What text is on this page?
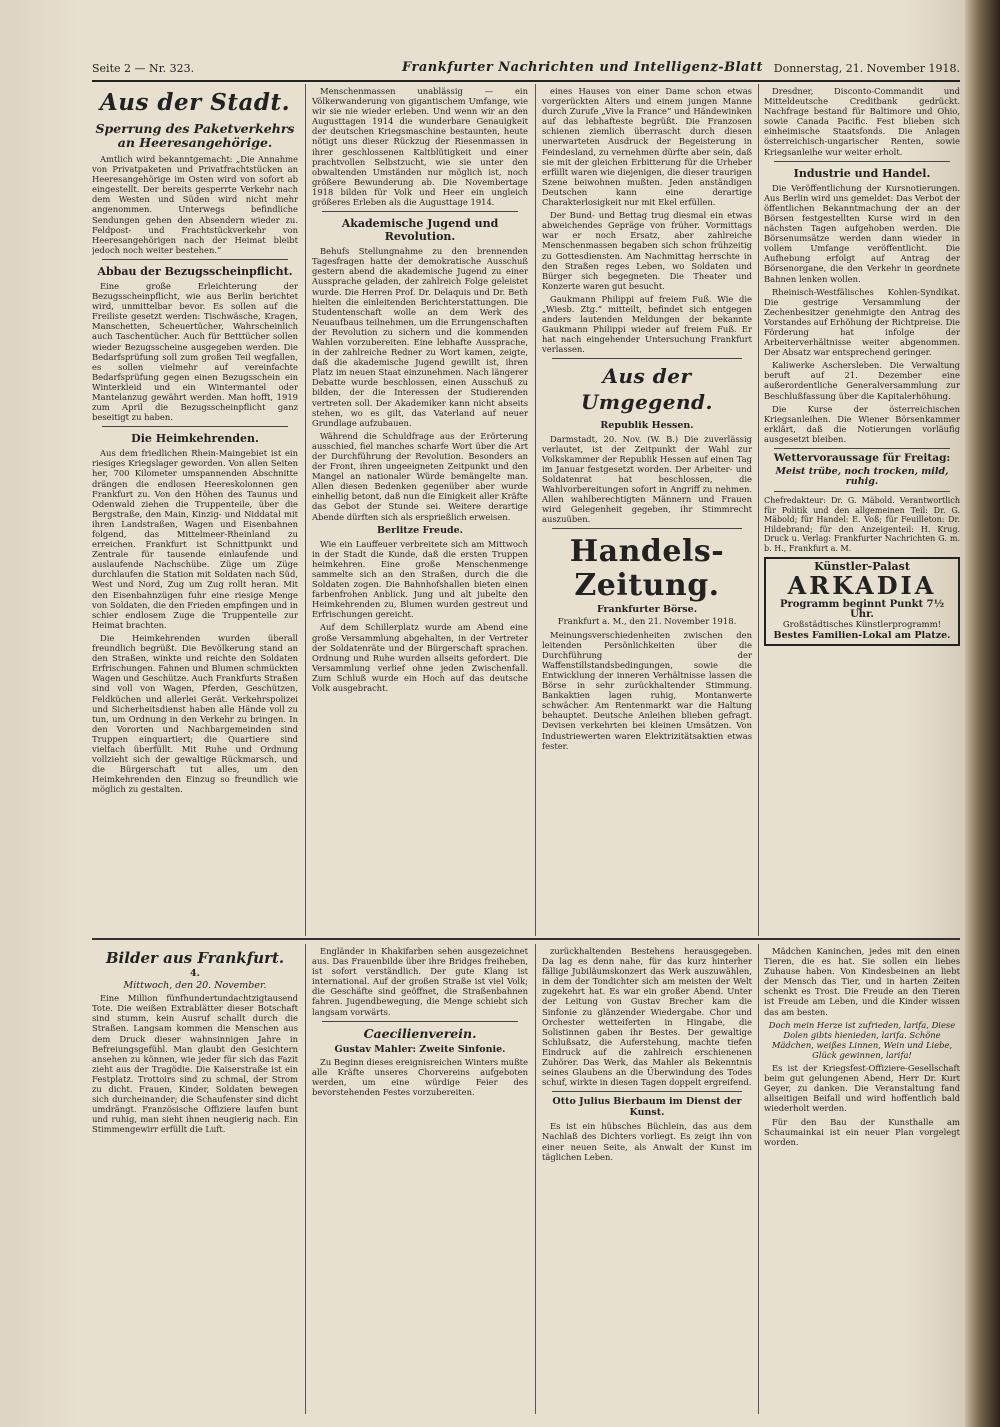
Seite 2 — Nr. 323.	Frankfurter Nachrichten und Intelligenz-Blatt Donnerstag, 21. November 1918.
Aus der Stadt.
Sperrung des Paketverkehrs an Heeresangehörige.

Amtlich wird bekanntgemacht: „Die Annahme von Privatpaketen und Privatfrachtstücken an Heeresangehörige im Osten wird von sofort ab eingestellt. Der bereits gesperrte Verkehr nach dem Westen und Süden wird nicht mehr angenommen. Unterwegs befindliche Sendungen gehen den Absendern wieder zu. Feldpost- und Frachtstückverkehr von Heeresangehörigen nach der Heimat bleibt jedoch noch weiter bestehen.“

Abbau der Bezugsscheinpflicht.

Eine große Erleichterung der Bezugsscheinpflicht, wie aus Berlin berichtet wird, unmittelbar bevor. Es sollen auf die Freiliste gesetzt werden: Tischwäsche, Kragen, Manschetten, Scheuertücher, Wahrscheinlich auch Taschentücher. Auch für Betttücher sollen wieder Bezugsscheine ausgegeben werden. Die Bedarfsprüfung soll zum großen Teil wegfallen, es sollen vielmehr auf vereinfachte Bedarfsprüfung gegen einen Bezugsschein ein Winterkleid und ein Wintermantel oder Mantelanzug gewährt werden. Man hofft, 1919 zum April die Bezugsscheinpflicht ganz beseitigt zu haben.

Die Heimkehrenden.

Aus dem friedlichen Rhein-Maingebiet ist ein riesiges Kriegslager geworden. Von allen Seiten her, 700 Kilometer umspannenden Abschnitte drängen die endlosen Heereskolonnen gen Frankfurt zu. Von den Höhen des Taunus und Odenwald ziehen die Truppenteile, über die Bergstraße, den Main, Kinzig- und Niddatal mit ihren Landstraßen, Wagen und Eisenbahnen folgend, das Mittelmeer-Rheinland zu erreichen. Frankfurt ist Schnittpunkt und Zentrale für tausende einlaufende und auslaufende Nachschübe. Züge um Züge durchlaufen die Station mit Soldaten nach Süd, West und Nord, Zug um Zug rollt heran. Mit den Eisenbahnzügen fuhr eine riesige Menge von Soldaten, die den Frieden empfingen und in schier endlosem Zuge die Truppenteile zur Heimat brachten.

Die Heimkehrenden wurden überall freundlich begrüßt. Die Bevölkerung stand an den Straßen, winkte und reichte den Soldaten Erfrischungen. Fahnen und Blumen schmückten Wagen und Geschütze. Auch Frankfurts Straßen sind voll von Wagen, Pferden, Geschützen, Feldküchen und allerlei Gerät. Verkehrspolizei und Sicherheitsdienst haben alle Hände voll zu tun, um Ordnung in den Verkehr zu bringen. In den Vororten und Nachbargemeinden sind Truppen einquartiert; die Quartiere sind vielfach überfüllt. Mit Ruhe und Ordnung vollzieht sich der gewaltige Rückmarsch, und die Bürgerschaft tut alles, um den Heimkehrenden den Einzug so freundlich wie möglich zu gestalten.

Menschenmassen unablässig — ein Völkerwanderung von gigantischem Umfange, wie wir sie nie wieder erleben. Und wenn wir an den Augusttagen 1914 die wunderbare Genauigkeit der deutschen Kriegsmaschine bestaunten, heute nötigt uns dieser Rückzug der Riesenmassen in ihrer geschlossenen Kaltblütigkeit und einer prachtvollen Selbstzucht, wie sie unter den obwaltenden Umständen nur möglich ist, noch größere Bewunderung ab. Die Novembertage 1918 bilden für Volk und Heer ein ungleich größeres Erleben als die Augusttage 1914.

Akademische Jugend und Revolution.

Behufs Stellungnahme zu den brennenden Tagesfragen hatte der demokratische Ausschuß gestern abend die akademische Jugend zu einer Aussprache geladen, der zahlreich Folge geleistet wurde. Die Herren Prof. Dr. Delaquis und Dr. Beth hielten die einleitenden Berichterstattungen. Die Studentenschaft wolle an dem Werk des Neuaufbaus teilnehmen, um die Errungenschaften der Revolution zu sichern und die kommenden Wahlen vorzubereiten. Eine lebhafte Aussprache, in der zahlreiche Redner zu Wort kamen, zeigte, daß die akademische Jugend gewillt ist, ihren Platz im neuen Staat einzunehmen. Nach längerer Debatte wurde beschlossen, einen Ausschuß zu bilden, der die Interessen der Studierenden vertreten soll. Der Akademiker kann nicht abseits stehen, wo es gilt, das Vaterland auf neuer Grundlage aufzubauen.

Während die Schuldfrage aus der Erörterung ausschied, fiel manches scharfe Wort über die Art der Durchführung der Revolution. Besonders an der Front, ihren ungeeigneten Zeitpunkt und den Mangel an nationaler Würde bemängelte man. Allen diesen Bedenken gegenüber aber wurde einhellig betont, daß nun die Einigkeit aller Kräfte das Gebot der Stunde sei. Weitere derartige Abende dürften sich als ersprießlich erweisen.

Berlitze Freude.

Wie ein Lauffeuer verbreitete sich am Mittwoch in der Stadt die Kunde, daß die ersten Truppen heimkehren. Eine große Menschenmenge sammelte sich an den Straßen, durch die die Soldaten zogen. Die Bahnhofshallen bieten einen farbenfrohen Anblick. Jung und alt jubelte den Heimkehrenden zu, Blumen wurden gestreut und Erfrischungen gereicht.

Auf dem Schillerplatz wurde am Abend eine große Versammlung abgehalten, in der Vertreter der Soldatenräte und der Bürgerschaft sprachen. Ordnung und Ruhe wurden allseits gefordert. Die Versammlung verlief ohne jeden Zwischenfall. Zum Schluß wurde ein Hoch auf das deutsche Volk ausgebracht.

eines Hauses von einer Dame schon etwas vorgerückten Alters und einem jungen Manne durch Zurufe „Vive la France“ und Händewinken auf das lebhafteste begrüßt. Die Franzosen schienen ziemlich überrascht durch diesen unerwarteten Ausdruck der Begeisterung in Feindesland, zu vernehmen dürfte aber sein, daß sie mit der gleichen Erbitterung für die Urheber erfüllt waren wie diejenigen, die dieser traurigen Szene beiwohnen mußten. Jeden anständigen Deutschen kann eine derartige Charakterlosigkeit nur mit Ekel erfüllen.

Der Bund- und Bettag trug diesmal ein etwas abweichendes Gepräge von früher. Vormittags war er noch Ersatz, aber zahlreiche Menschenmassen begaben sich schon frühzeitig zu Gottesdiensten. Am Nachmittag herrschte in den Straßen reges Leben, wo Soldaten und Bürger sich begegneten. Die Theater und Konzerte waren gut besucht.

Gaukmann Philippi auf freiem Fuß. Wie die „Wiesb. Ztg.“ mitteilt, befindet sich entgegen anders lautenden Meldungen der bekannte Gaukmann Philippi wieder auf freiem Fuß. Er hat nach eingehender Untersuchung Frankfurt verlassen.

Aus der Umgegend.
Republik Hessen.

Darmstadt, 20. Nov. (W. B.) Die zuverlässig verlautet, ist der Zeitpunkt der Wahl zur Volkskammer der Republik Hessen auf einen Tag im Januar festgesetzt worden. Der Arbeiter- und Soldatenrat hat beschlossen, die Wahlvorbereitungen sofort in Angriff zu nehmen. Allen wahlberechtigten Männern und Frauen wird Gelegenheit gegeben, ihr Stimmrecht auszuüben.

Handels-Zeitung.
Frankfurter Börse.
Frankfurt a. M., den 21. November 1918.

Meinungsverschiedenheiten zwischen den leitenden Persönlichkeiten über die Durchführung der Waffenstillstandsbedingungen, sowie die Entwicklung der inneren Verhältnisse lassen die Börse in sehr zurückhaltender Stimmung. Bankaktien lagen ruhig, Montanwerte schwächer. Am Rentenmarkt war die Haltung behauptet. Deutsche Anleihen blieben gefragt. Devisen verkehrten bei kleinen Umsätzen. Von Industriewerten waren Elektrizitätsaktien etwas fester.

Dresdner, Disconto-Commandit und Mitteldeutsche Creditbank gedrückt. Nachfrage bestand für Baltimore und Ohio, sowie Canada Pacific. Fest blieben sich einheimische Staatsfonds. Die Anlagen österreichisch-ungarischer Renten, sowie Kriegsanleihe wur weiter erholt.

Industrie und Handel.

Die Veröffentlichung der Kursnotierungen. Aus Berlin wird uns gemeldet: Das Verbot der öffentlichen Bekanntmachung der an der Börsen festgestellten Kurse wird in den nächsten Tagen aufgehoben werden. Die Börsenumsätze werden dann wieder in vollem Umfange veröffentlicht. Die Aufhebung erfolgt auf Antrag der Börsenorgane, die den Verkehr in geordnete Bahnen lenken wollen.

Rheinisch-Westfälisches Kohlen-Syndikat. Die gestrige Versammlung der Zechenbesitzer genehmigte den Antrag des Vorstandes auf Erhöhung der Richtpreise. Die Förderung hat infolge der Arbeiterverhältnisse weiter abgenommen. Der Absatz war entsprechend geringer.

Kaliwerke Aschersleben. Die Verwaltung beruft auf 21. Dezember eine außerordentliche Generalversammlung zur Beschlußfassung über die Kapitalerhöhung.

Die Kurse der österreichischen Kriegsanleihen. Die Wiener Börsenkammer erklärt, daß die Notierungen vorläufig ausgesetzt bleiben.

Wettervoraussage für Freitag:
Meist trübe, noch trocken, mild, ruhig.

Chefredakteur: Dr. G. Mäbold. Verantwortlich für Politik und den allgemeinen Teil: Dr. G. Mäbold; für Handel: E. Voß; für Feuilleton: Dr. Hildebrand; für den Anzeigenteil: H. Krug. Druck u. Verlag: Frankfurter Nachrichten G. m. b. H., Frankfurt a. M.

Künstler-Palast
ARKADIA
Programm beginnt Punkt 7½ Uhr.
Großstädtisches Künstlerprogramm!
Bestes Familien-Lokal am Platze.
Bilder aus Frankfurt.
4.
Mittwoch, den 20. November.

Eine Million fünfhundertundachtzigtausend Tote. Die weißen Extrablätter dieser Botschaft sind stumm, kein Ausruf schallt durch die Straßen. Langsam kommen die Menschen aus dem Druck dieser wahnsinnigen Jahre in Befreiungsgefühl. Man glaubt den Gesichtern ansehen zu können, wie jeder für sich das Fazit zieht aus der Tragödie. Die Kaiserstraße ist ein Festplatz. Trottoirs sind zu schmal, der Strom zu dicht. Frauen, Kinder, Soldaten bewegen sich durcheinander; die Schaufenster sind dicht umdrängt. Französische Offiziere laufen bunt und ruhig, man sieht ihnen neugierig nach. Ein Stimmengewirr erfüllt die Luft.

Engländer in Khakifarben sehen ausgezeichnet aus. Das Frauenbilde über ihre Bridges freiheben, ist sofort verständlich. Der gute Klang ist international. Auf der großen Straße ist viel Volk; die Geschäfte sind geöffnet, die Straßenbahnen fahren. Jugendbewegung, die Menge schiebt sich langsam vorwärts.

Caecilienverein.
Gustav Mahler: Zweite Sinfonie.

Zu Beginn dieses ereignisreichen Winters mußte alle Kräfte unseres Chorvereins aufgeboten werden, um eine würdige Feier des bevorstehenden Festes vorzubereiten.

zurückhaltenden Bestehens herausgegeben. Da lag es denn nahe, für das kurz hinterher fällige Jubiläumskonzert das Werk auszuwählen, in dem der Tondichter sich am meisten der Welt zugekehrt hat. Es war ein großer Abend. Unter der Leitung von Gustav Brecher kam die Sinfonie zu glänzender Wiedergabe. Chor und Orchester wetteiferten in Hingabe, die Solistinnen gaben ihr Bestes. Der gewaltige Schlußsatz, die Auferstehung, machte tiefen Eindruck auf die zahlreich erschienenen Zuhörer. Das Werk, das Mahler als Bekenntnis seines Glaubens an die Überwindung des Todes schuf, wirkte in diesen Tagen doppelt ergreifend.

Otto Julius Bierbaum im Dienst der Kunst.

Es ist ein hübsches Büchlein, das aus dem Nachlaß des Dichters vorliegt. Es zeigt ihn von einer neuen Seite, als Anwalt der Kunst im täglichen Leben.

Mädchen Kaninchen, jedes mit den einen Tieren, die es hat. Sie sollen ein liebes Zuhause haben. Von Kindesbeinen an liebt der Mensch das Tier, und in harten Zeiten schenkt es Trost. Die Freude an den Tieren ist Freude am Leben, und die Kinder wissen das am besten.

Doch mein Herze ist zufrieden, larifa, Diese Dolen gibts hienieden, larifa. Schöne Mädchen, weißes Linnen, Wein und Liebe, Glück gewinnen, larifa!

Es ist der Kriegsfest-Offiziere-Gesellschaft beim gut gelungenen Abend, Herr Dr. Kurt Geyer, zu danken. Die Veranstaltung fand allseitigen Beifall und wird hoffentlich bald wiederholt werden.

Für den Bau der Kunsthalle am Schaumainkai ist ein neuer Plan vorgelegt worden.
